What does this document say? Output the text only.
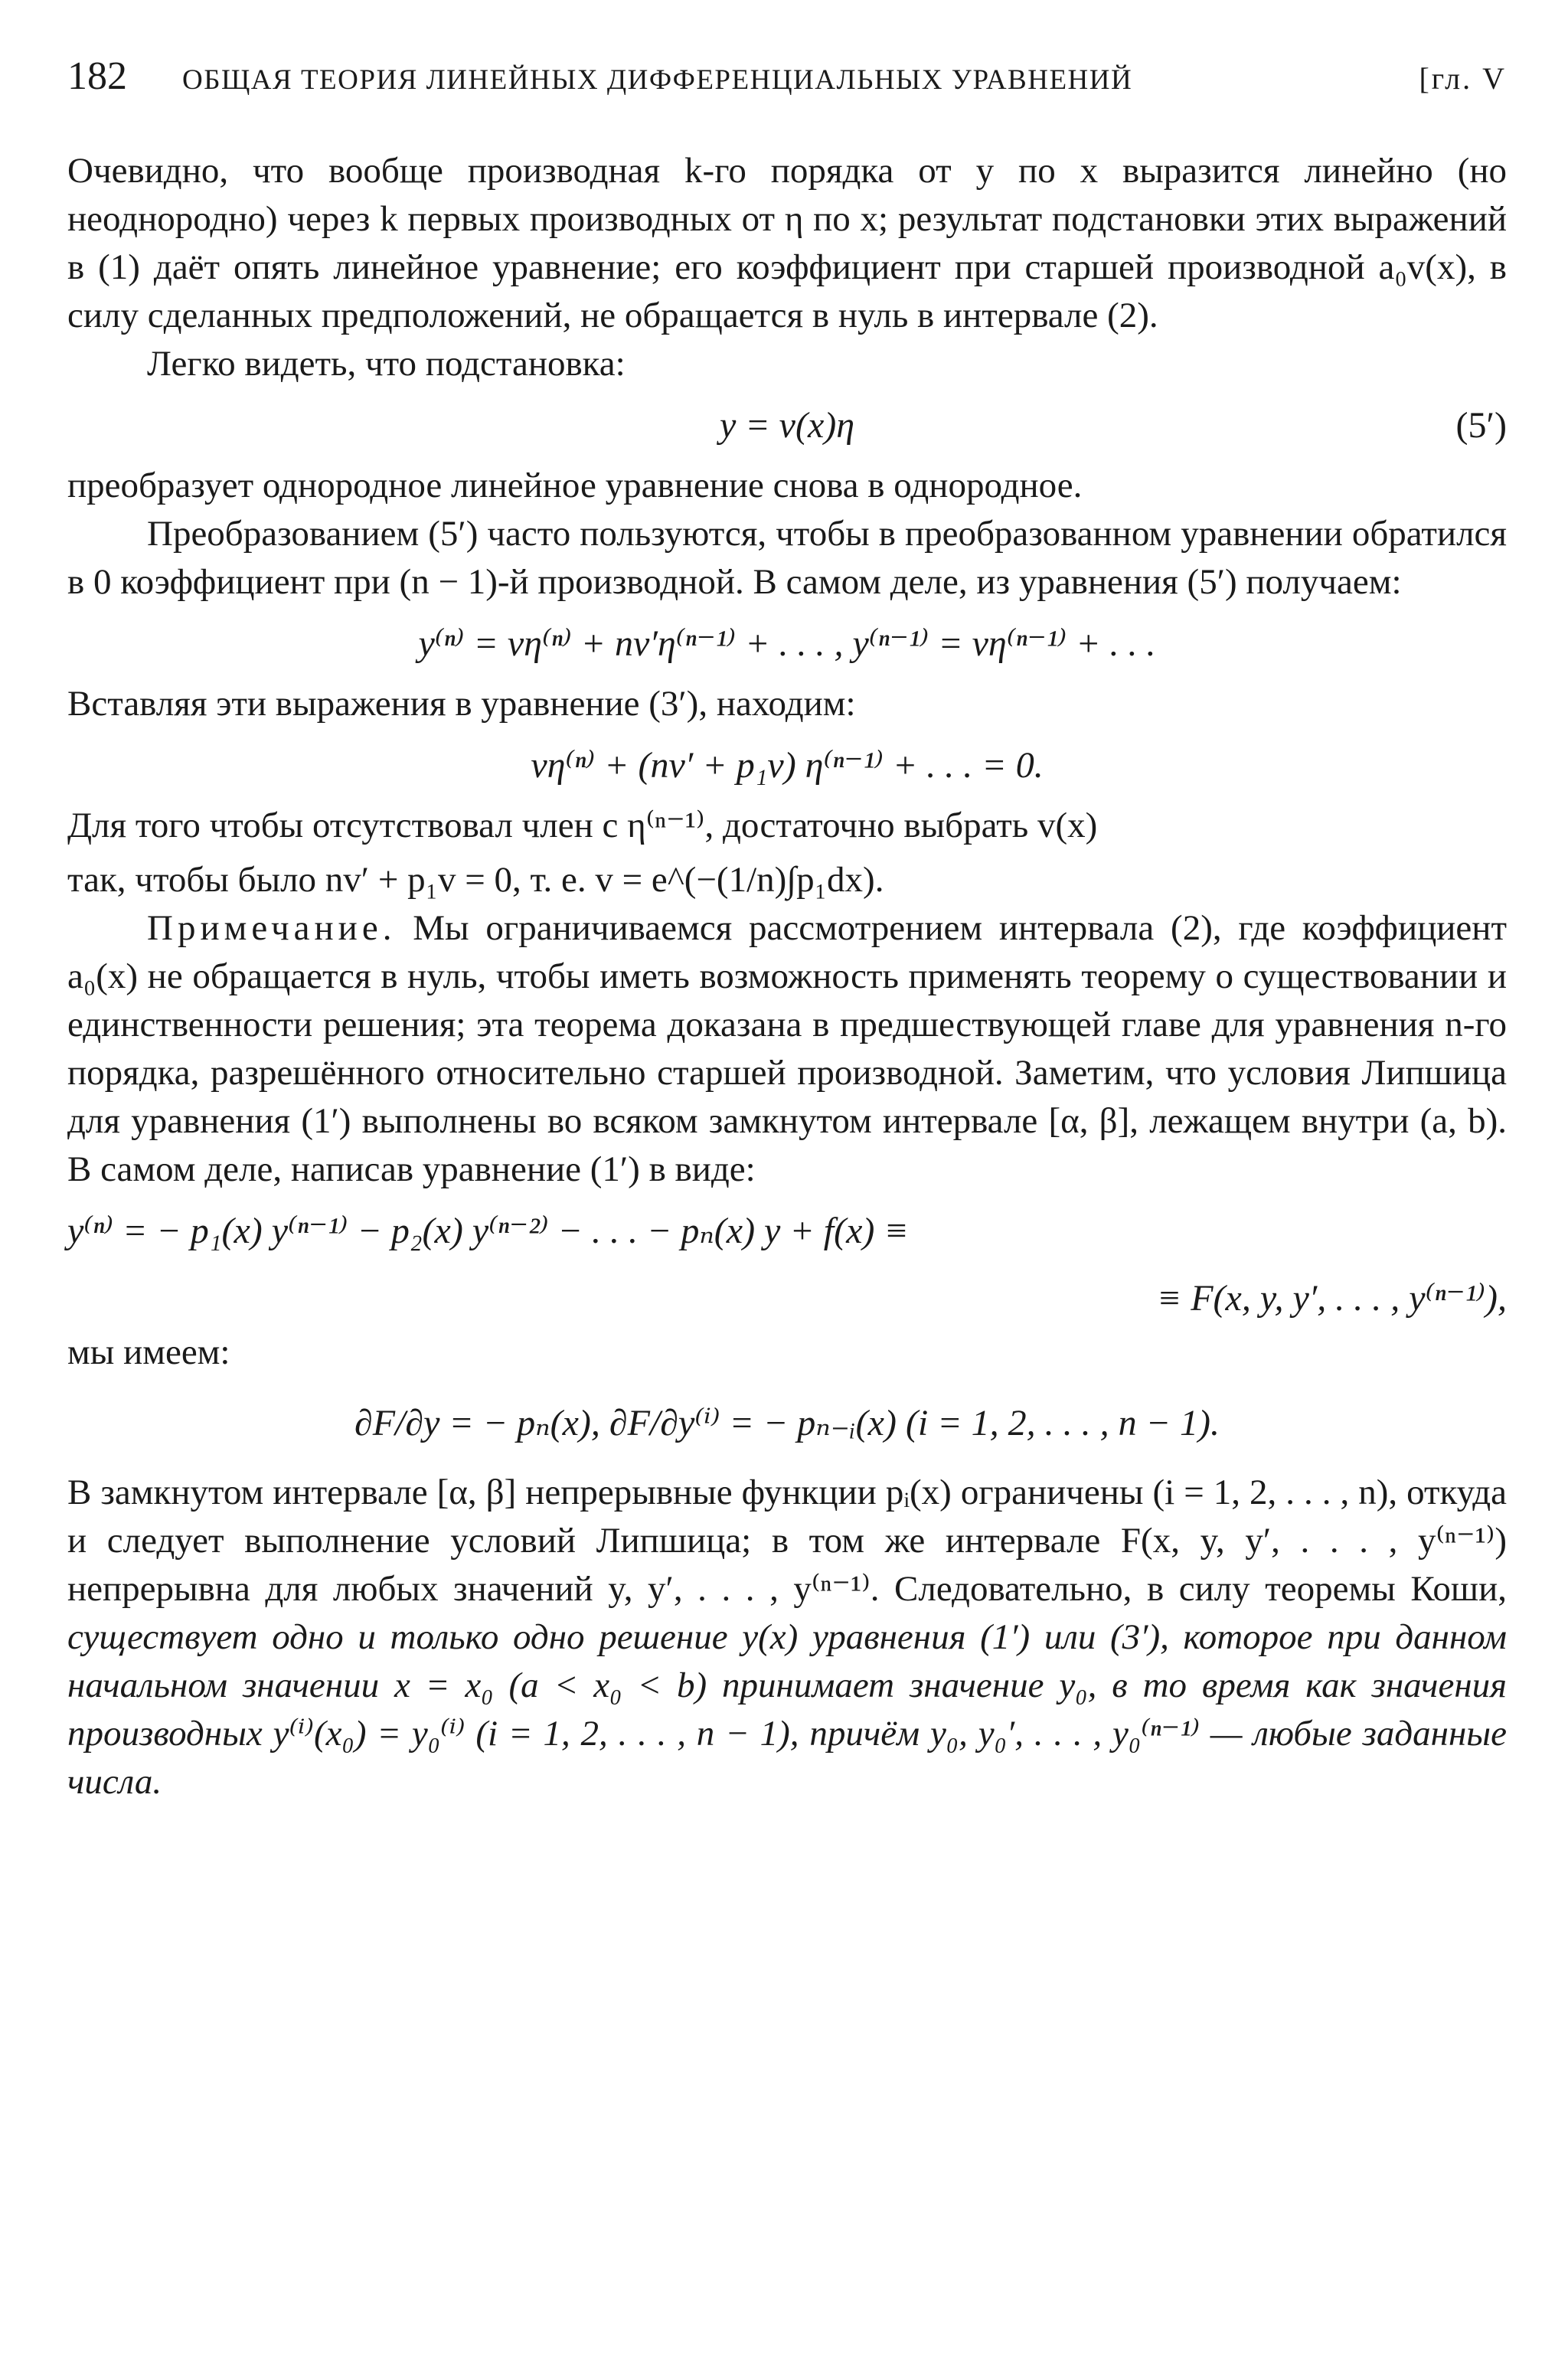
182	ОБЩАЯ ТЕОРИЯ ЛИНЕЙНЫХ ДИФФЕРЕНЦИАЛЬНЫХ УРАВНЕНИЙ	[гл. V

Очевидно, что вообще производная k-го порядка от y по x выразится линейно (но неоднородно) через k первых производных от η по x; результат подстановки этих выражений в (1) даёт опять линейное уравнение; его коэффициент при старшей производной a₀v(x), в силу сделанных предположений, не обращается в нуль в интервале (2).

Легко видеть, что подстановка:

y = v(x)η	(5′)

преобразует однородное линейное уравнение снова в однородное.

Преобразованием (5′) часто пользуются, чтобы в преобразованном уравнении обратился в 0 коэффициент при (n − 1)-й производной. В самом деле, из уравнения (5′) получаем:

y⁽ⁿ⁾ = vη⁽ⁿ⁾ + nv′η⁽ⁿ⁻¹⁾ + . . . , y⁽ⁿ⁻¹⁾ = vη⁽ⁿ⁻¹⁾ + . . .

Вставляя эти выражения в уравнение (3′), находим:

vη⁽ⁿ⁾ + (nv′ + p₁v) η⁽ⁿ⁻¹⁾ + . . . = 0.

Для того чтобы отсутствовал член с η⁽ⁿ⁻¹⁾, достаточно выбрать v(x)

так, чтобы было nv′ + p₁v = 0, т. е. v = e^(−(1/n)∫p₁dx).

Примечание. Мы ограничиваемся рассмотрением интервала (2), где коэффициент a₀(x) не обращается в нуль, чтобы иметь возможность применять теорему о существовании и единственности решения; эта теорема доказана в предшествующей главе для уравнения n-го порядка, разрешённого относительно старшей производной. Заметим, что условия Липшица для уравнения (1′) выполнены во всяком замкнутом интервале [α, β], лежащем внутри (a, b). В самом деле, написав уравнение (1′) в виде:

y⁽ⁿ⁾ = − p₁(x) y⁽ⁿ⁻¹⁾ − p₂(x) y⁽ⁿ⁻²⁾ − . . . − pₙ(x) y + f(x) ≡
≡ F(x, y, y′, . . . , y⁽ⁿ⁻¹⁾),

мы имеем:

∂F/∂y = − pₙ(x), ∂F/∂y⁽ⁱ⁾ = − pₙ₋ᵢ(x) (i = 1, 2, . . . , n − 1).

В замкнутом интервале [α, β] непрерывные функции pᵢ(x) ограничены (i = 1, 2, . . . , n), откуда и следует выполнение условий Липшица; в том же интервале F(x, y, y′, . . . , y⁽ⁿ⁻¹⁾) непрерывна для любых значений y, y′, . . . , y⁽ⁿ⁻¹⁾. Следовательно, в силу теоремы Коши, существует одно и только одно решение y(x) уравнения (1′) или (3′), которое при данном начальном значении x = x₀ (a < x₀ < b) принимает значение y₀, в то время как значения производных y⁽ⁱ⁾(x₀) = y₀⁽ⁱ⁾ (i = 1, 2, . . . , n − 1), причём y₀, y₀′, . . . , y₀⁽ⁿ⁻¹⁾ — любые заданные числа.
